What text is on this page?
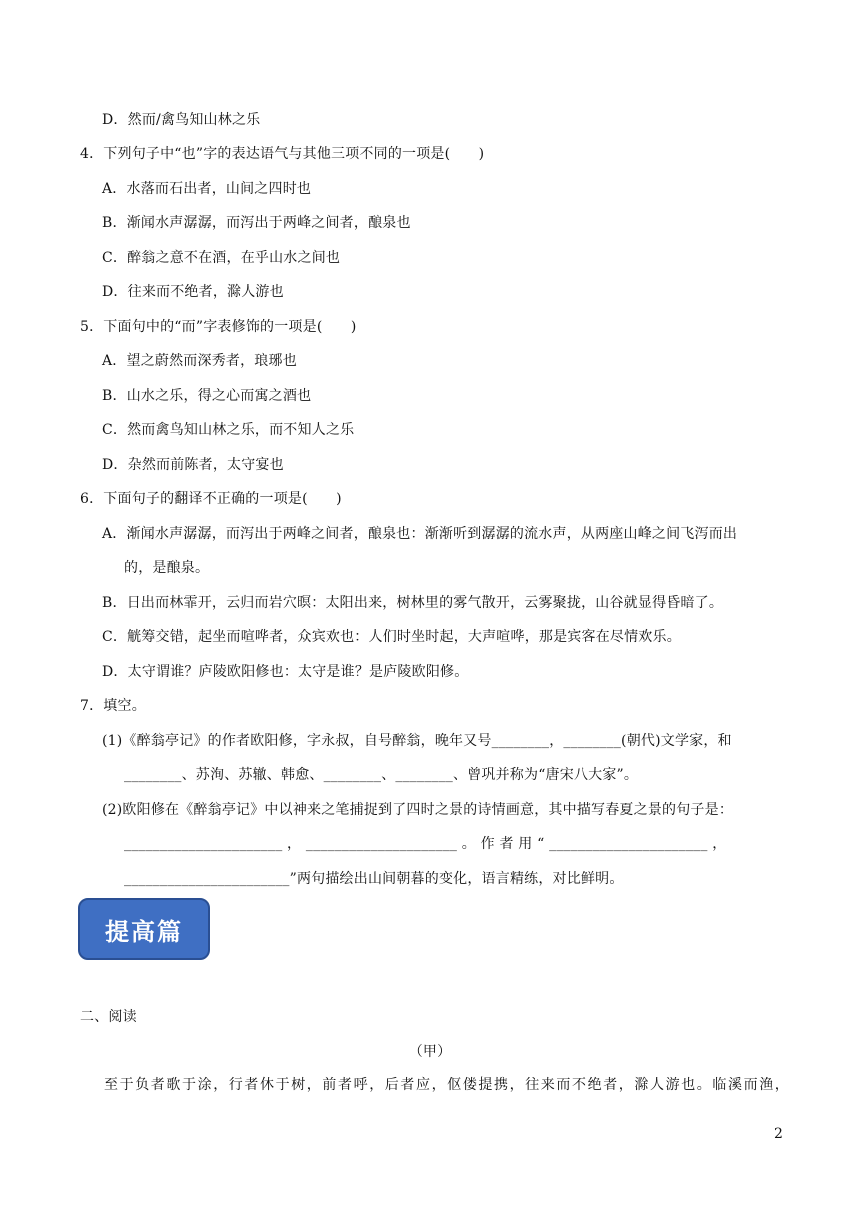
D．然而/禽鸟知山林之乐
4．下列句子中“也”字的表达语气与其他三项不同的一项是(　　)
A．水落而石出者，山间之四时也
B．渐闻水声潺潺，而泻出于两峰之间者，酿泉也
C．醉翁之意不在酒，在乎山水之间也
D．往来而不绝者，滁人游也
5．下面句中的“而”字表修饰的一项是(　　)
A．望之蔚然而深秀者，琅琊也
B．山水之乐，得之心而寓之酒也
C．然而禽鸟知山林之乐，而不知人之乐
D．杂然而前陈者，太守宴也
6．下面句子的翻译不正确的一项是(　　)
A．渐闻水声潺潺，而泻出于两峰之间者，酿泉也：渐渐听到潺潺的流水声，从两座山峰之间飞泻而出
的，是酿泉。
B．日出而林霏开，云归而岩穴暝：太阳出来，树林里的雾气散开，云雾聚拢，山谷就显得昏暗了。
C．觥筹交错，起坐而喧哗者，众宾欢也：人们时坐时起，大声喧哗，那是宾客在尽情欢乐。
D．太守谓谁？庐陵欧阳修也：太守是谁？是庐陵欧阳修。
7．填空。
(1)《醉翁亭记》的作者欧阳修，字永叔，自号醉翁，晚年又号________，________(朝代)文学家，和
________、苏洵、苏辙、韩愈、________、________、曾巩并称为“唐宋八大家”。
(2)欧阳修在《醉翁亭记》中以神来之笔捕捉到了四时之景的诗情画意，其中描写春夏之景的句子是：
______________________ ， _____________________ 。 作 者 用 “ ______________________ ，
_______________________”两句描绘出山间朝暮的变化，语言精练，对比鲜明。
提高篇
二、阅读
（甲）
至于负者歌于涂，行者休于树，前者呼，后者应，伛偻提携，往来而不绝者，滁人游也。临溪而渔，
2
